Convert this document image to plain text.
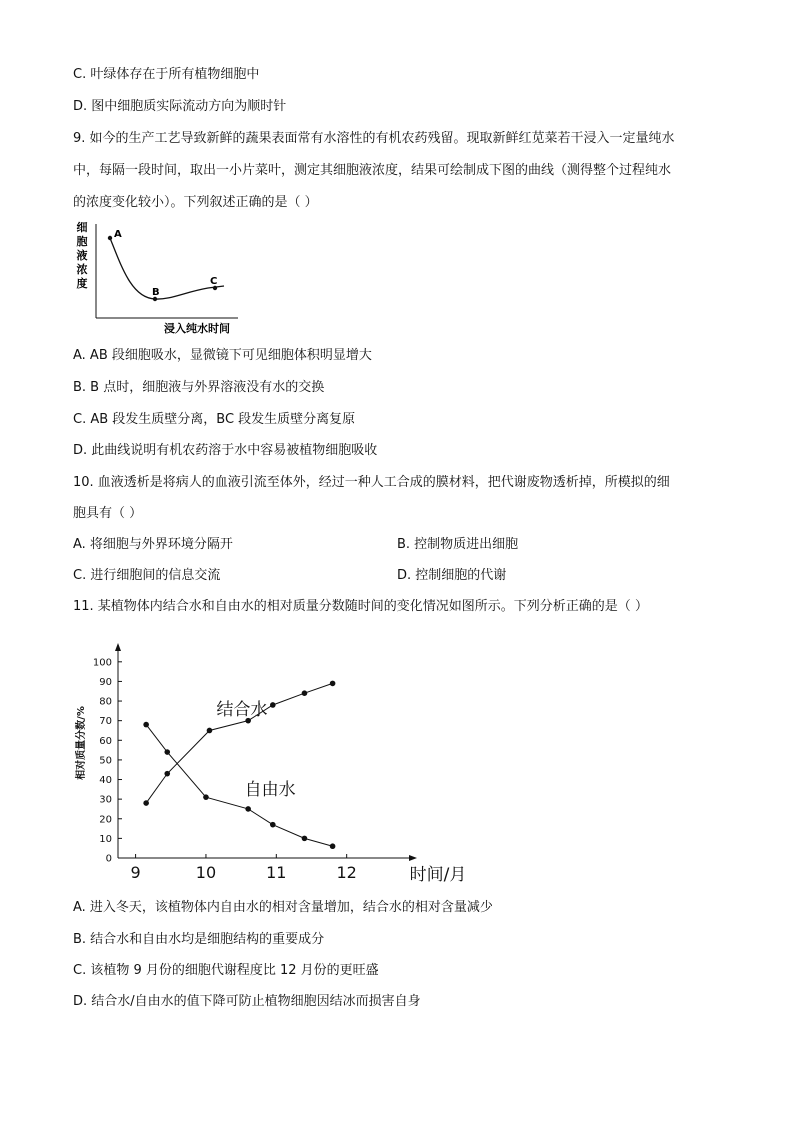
C. 叶绿体存在于所有植物细胞中
D. 图中细胞质实际流动方向为顺时针
9. 如今的生产工艺导致新鲜的蔬果表面常有水溶性的有机农药残留。现取新鲜红苋菜若干浸入一定量纯水
中，每隔一段时间，取出一小片菜叶，测定其细胞液浓度，结果可绘制成下图的曲线（测得整个过程纯水
的浓度变化较小）。下列叙述正确的是（ ）
细
胞
液
浓
度
A
B
C
浸入纯水时间
A. AB 段细胞吸水，显微镜下可见细胞体积明显增大
B. B 点时，细胞液与外界溶液没有水的交换
C. AB 段发生质壁分离，BC 段发生质壁分离复原
D. 此曲线说明有机农药溶于水中容易被植物细胞吸收
10. 血液透析是将病人的血液引流至体外，经过一种人工合成的膜材料，把代谢废物透析掉，所模拟的细
胞具有（ ）
A. 将细胞与外界环境分隔开	B. 控制物质进出细胞
C. 进行细胞间的信息交流	D. 控制细胞的代谢
11. 某植物体内结合水和自由水的相对质量分数随时间的变化情况如图所示。下列分析正确的是（ ）
0
10
20
30
40
50
60
70
80
90
100
9	10	11	12	时间/月
相对质量分数/%	结合水
自由水
A. 进入冬天，该植物体内自由水的相对含量增加，结合水的相对含量减少
B. 结合水和自由水均是细胞结构的重要成分
C. 该植物 9 月份的细胞代谢程度比 12 月份的更旺盛
D. 结合水/自由水的值下降可防止植物细胞因结冰而损害自身
